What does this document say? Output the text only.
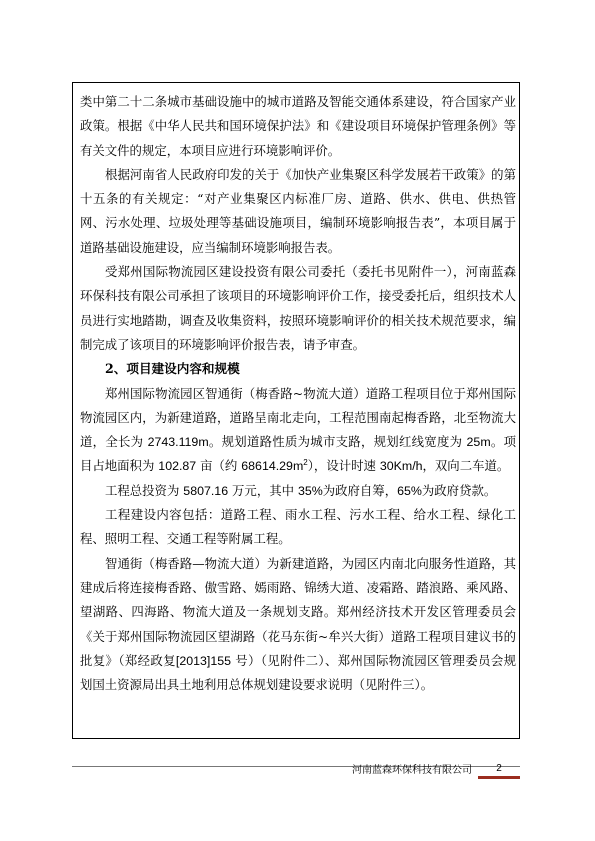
类中第二十二条城市基础设施中的城市道路及智能交通体系建设，符合国家产业政策。根据《中华人民共和国环境保护法》和《建设项目环境保护管理条例》等有关文件的规定，本项目应进行环境影响评价。

根据河南省人民政府印发的关于《加快产业集聚区科学发展若干政策》的第十五条的有关规定：“对产业集聚区内标准厂房、道路、供水、供电、供热管网、污水处理、垃圾处理等基础设施项目，编制环境影响报告表”，本项目属于道路基础设施建设，应当编制环境影响报告表。

受郑州国际物流园区建设投资有限公司委托（委托书见附件一），河南蓝森环保科技有限公司承担了该项目的环境影响评价工作，接受委托后，组织技术人员进行实地踏勘，调查及收集资料，按照环境影响评价的相关技术规范要求，编制完成了该项目的环境影响评价报告表，请予审查。

2、项目建设内容和规模

郑州国际物流园区智通街（梅香路~物流大道）道路工程项目位于郑州国际物流园区内，为新建道路，道路呈南北走向，工程范围南起梅香路，北至物流大道，全长为 2743.119m。规划道路性质为城市支路，规划红线宽度为 25m。项目占地面积为 102.87 亩（约 $68614.29m^2$），设计时速 30Km/h，双向二车道。

工程总投资为 5807.16 万元，其中 35%为政府自筹，65%为政府贷款。

工程建设内容包括：道路工程、雨水工程、污水工程、给水工程、绿化工程、照明工程、交通工程等附属工程。

智通街（梅香路—物流大道）为新建道路，为园区内南北向服务性道路，其建成后将连接梅香路、傲雪路、嫣雨路、锦绣大道、凌霜路、踏浪路、乘风路、望湖路、四海路、物流大道及一条规划支路。郑州经济技术开发区管理委员会《关于郑州国际物流园区望湖路（花马东街~牟兴大街）道路工程项目建议书的批复》（郑经政复[2013]155 号）（见附件二）、郑州国际物流园区管理委员会规划国土资源局出具土地利用总体规划建设要求说明（见附件三）。

河南蓝森环保科技有限公司	2
